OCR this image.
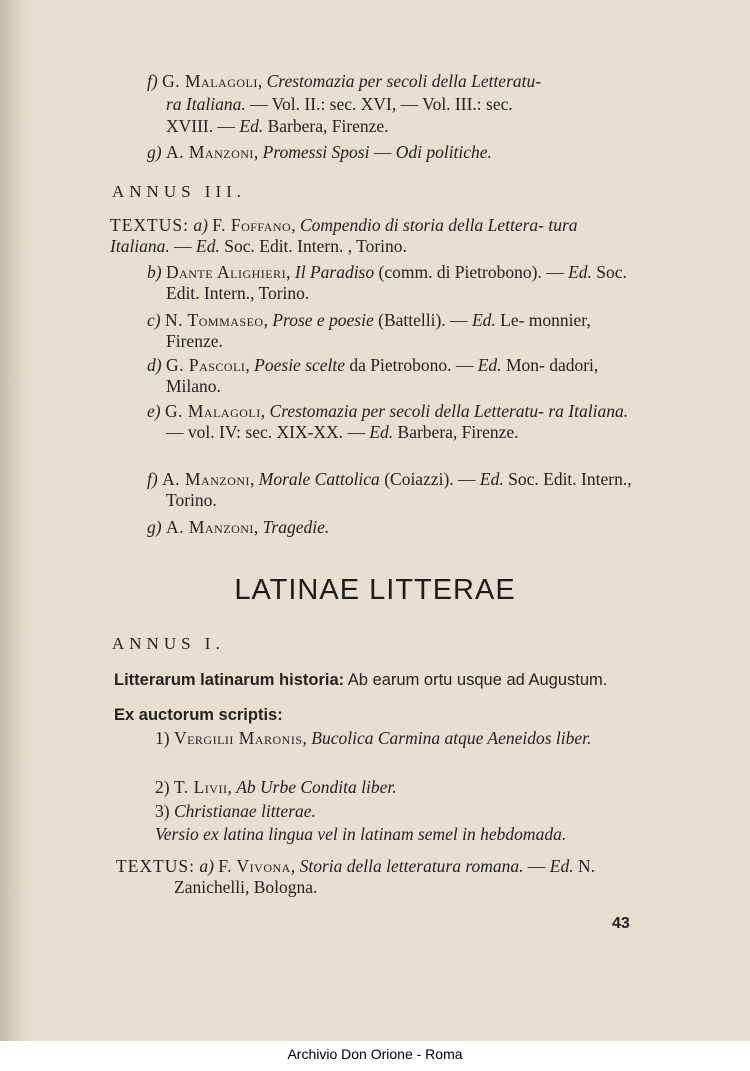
f) G. Malagoli, Crestomazia per secoli della Letteratu-
ra Italiana. — Vol. II.: sec. XVI, — Vol. III.: sec.
XVIII. — Ed. Barbera, Firenze.
g) A. Manzoni, Promessi Sposi — Odi politiche.
ANNUS III.
TEXTUS: a) F. Foffano, Compendio di storia della Lettera- tura Italiana. — Ed. Soc. Edit. Intern. , Torino.
b) Dante Alighieri, Il Paradiso (comm. di Pietrobono). — Ed. Soc. Edit. Intern., Torino.
c) N. Tommaseo, Prose e poesie (Battelli). — Ed. Le- monnier, Firenze.
d) G. Pascoli, Poesie scelte da Pietrobono. — Ed. Mon- dadori, Milano.
e) G. Malagoli, Crestomazia per secoli della Letteratu- ra Italiana. — vol. IV: sec. XIX-XX. — Ed. Barbera, Firenze.
f) A. Manzoni, Morale Cattolica (Coiazzi). — Ed. Soc. Edit. Intern., Torino.
g) A. Manzoni, Tragedie.
LATINAE LITTERAE
ANNUS I.
Litterarum latinarum historia: Ab earum ortu usque ad Augustum.
Ex auctorum scriptis:
1) Vergilii Maronis, Bucolica Carmina atque Aeneidos liber.
2) T. Livii, Ab Urbe Condita liber.
3) Christianae litterae.
Versio ex latina lingua vel in latinam semel in hebdomada.
TEXTUS: a) F. Vivona, Storia della letteratura romana. — Ed. N. Zanichelli, Bologna.
43
Archivio Don Orione - Roma
